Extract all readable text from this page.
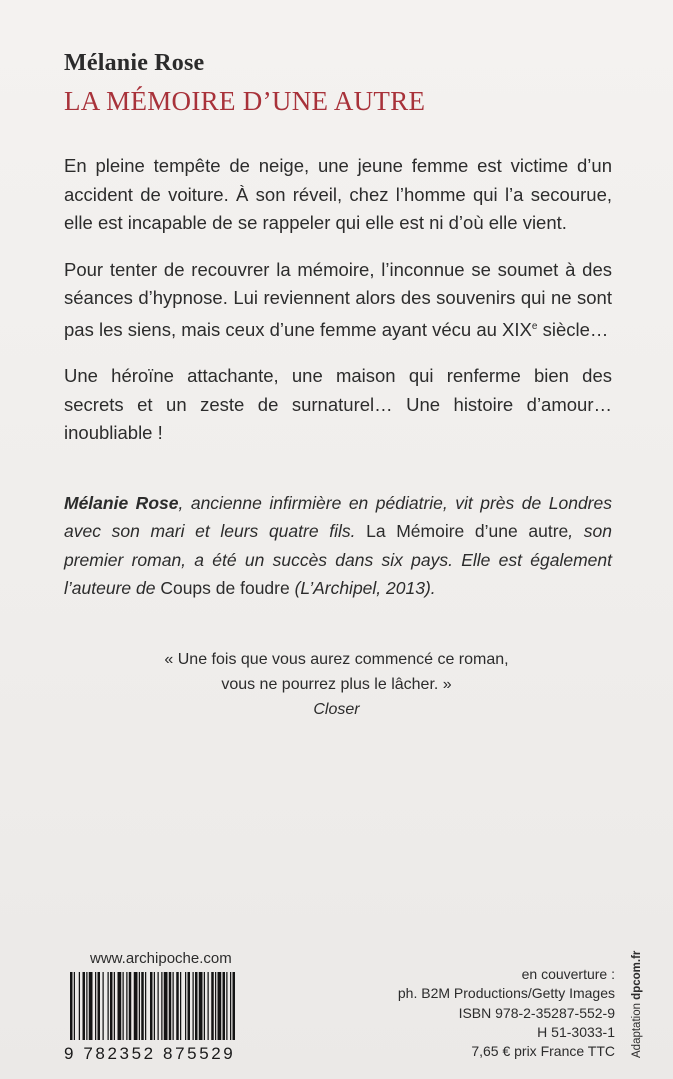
Mélanie Rose
LA MÉMOIRE D’UNE AUTRE

En pleine tempête de neige, une jeune femme est victime d’un accident de voiture. À son réveil, chez l’homme qui l’a secourue, elle est incapable de se rappeler qui elle est ni d’où elle vient.

Pour tenter de recouvrer la mémoire, l’inconnue se soumet à des séances d’hypnose. Lui reviennent alors des souvenirs qui ne sont pas les siens, mais ceux d’une femme ayant vécu au XIXe siècle…

Une héroïne attachante, une maison qui renferme bien des secrets et un zeste de surnaturel… Une histoire d’amour… inoubliable !

Mélanie Rose, ancienne infirmière en pédiatrie, vit près de Londres avec son mari et leurs quatre fils. La Mémoire d’une autre, son premier roman, a été un succès dans six pays. Elle est également l’auteure de Coups de foudre (L’Archipel, 2013).
« Une fois que vous aurez commencé ce roman,
vous ne pourrez plus le lâcher. »
Closer
www.archipoche.com
9 782352 875529
en couverture :
ph. B2M Productions/Getty Images
ISBN 978-2-35287-552-9
H 51-3033-1
7,65 € prix France TTC Adaptation dpcom.fr
